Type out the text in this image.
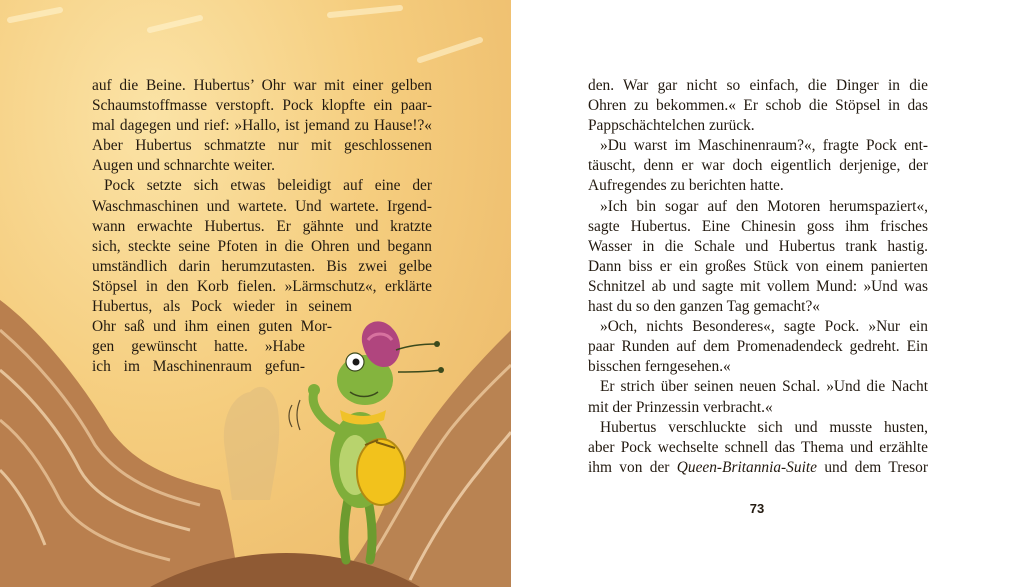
auf die Beine. Hubertus’ Ohr war mit einer gelben
Schaumstoffmasse verstopft. Pock klopfte ein paar-
mal dagegen und rief: »Hallo, ist jemand zu Hause!?«
Aber Hubertus schmatzte nur mit geschlossenen
Augen und schnarchte weiter.
Pock setzte sich etwas beleidigt auf eine der
Waschmaschinen und wartete. Und wartete. Irgend-
wann erwachte Hubertus. Er gähnte und kratzte
sich, steckte seine Pfoten in die Ohren und begann
umständlich darin herumzutasten. Bis zwei gelbe
Stöpsel in den Korb fielen. »Lärmschutz«, erklärte
Hubertus, als Pock wieder in seinem
Ohr saß und ihm einen guten Mor-
gen gewünscht hatte. »Habe
ich im Maschinenraum gefun-
den. War gar nicht so einfach, die Dinger in die
Ohren zu bekommen.« Er schob die Stöpsel in das
Pappschächtelchen zurück.
»Du warst im Maschinenraum?«, fragte Pock ent-
täuscht, denn er war doch eigentlich derjenige, der
Aufregendes zu berichten hatte.
»Ich bin sogar auf den Motoren herumspaziert«,
sagte Hubertus. Eine Chinesin goss ihm frisches
Wasser in die Schale und Hubertus trank hastig.
Dann biss er ein großes Stück von einem panierten
Schnitzel ab und sagte mit vollem Mund: »Und was
hast du so den ganzen Tag gemacht?«
»Och, nichts Besonderes«, sagte Pock. »Nur ein
paar Runden auf dem Promenadendeck gedreht. Ein
bisschen ferngesehen.«
Er strich über seinen neuen Schal. »Und die Nacht
mit der Prinzessin verbracht.«
Hubertus verschluckte sich und musste husten,
aber Pock wechselte schnell das Thema und erzählte
ihm von der Queen-Britannia-Suite und dem Tresor
73
